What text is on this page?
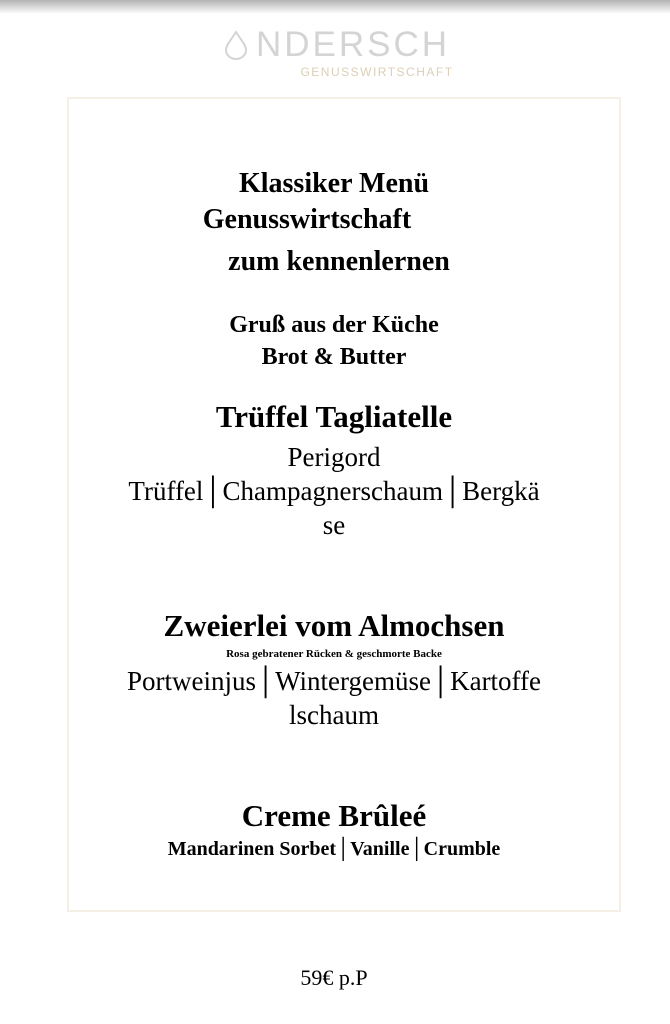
NDERSCH
GENUSSWIRTSCHAFT
Klassiker Menü
Genusswirtschaft
zum kennenlernen
Gruß aus der Küche
Brot & Butter
Trüffel Tagliatelle
Perigord
Trüffel│Champagnerschaum│Bergkä
se
Zweierlei vom Almochsen
Rosa gebratener Rücken & geschmorte Backe
Portweinjus│Wintergemüse│Kartoffe
lschaum
Creme Brûleé
Mandarinen Sorbet│Vanille│Crumble
59€ p.P
